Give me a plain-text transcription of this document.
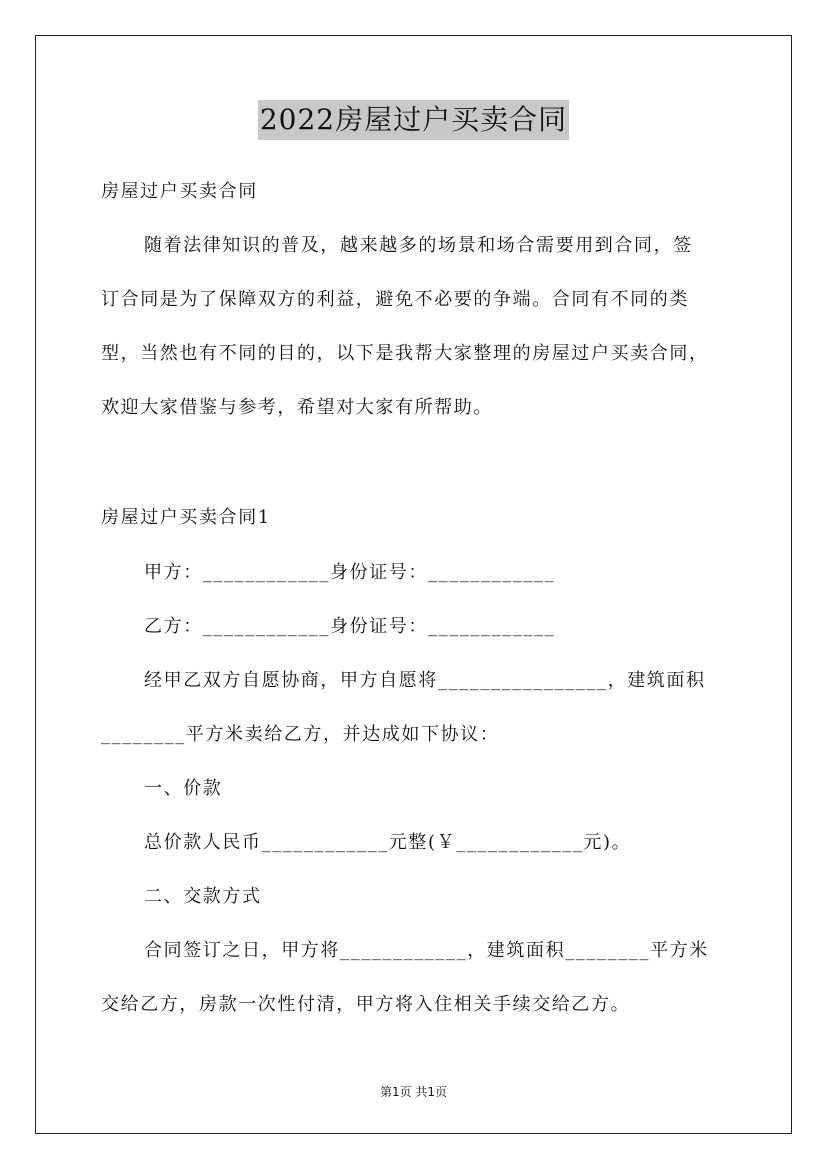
2022房屋过户买卖合同
房屋过户买卖合同
随着法律知识的普及，越来越多的场景和场合需要用到合同，签
订合同是为了保障双方的利益，避免不必要的争端。合同有不同的类
型，当然也有不同的目的，以下是我帮大家整理的房屋过户买卖合同，
欢迎大家借鉴与参考，希望对大家有所帮助。
房屋过户买卖合同1
甲方：____________身份证号：____________
乙方：____________身份证号：____________
经甲乙双方自愿协商，甲方自愿将________________，建筑面积
________平方米卖给乙方，并达成如下协议：
一、价款
总价款人民币____________元整(￥____________元)。
二、交款方式
合同签订之日，甲方将____________，建筑面积________平方米
交给乙方，房款一次性付清，甲方将入住相关手续交给乙方。
第1页 共1页
